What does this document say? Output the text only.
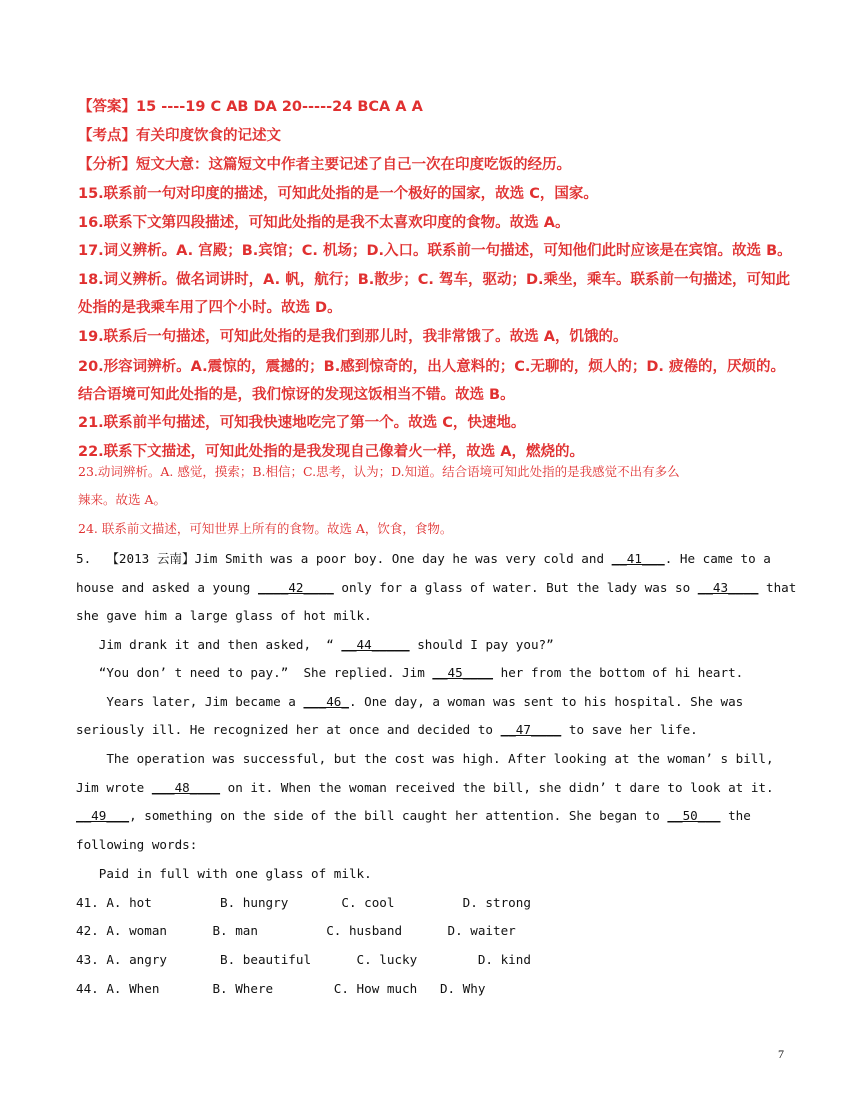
【答案】15 ----19 C AB DA 20-----24 BCA A A
【考点】有关印度饮食的记述文
【分析】短文大意：这篇短文中作者主要记述了自己一次在印度吃饭的经历。
15.联系前一句对印度的描述，可知此处指的是一个极好的国家，故选 C，国家。
16.联系下文第四段描述，可知此处指的是我不太喜欢印度的食物。故选 A。
17.词义辨析。A. 宫殿；B.宾馆；C. 机场；D.入口。联系前一句描述，可知他们此时应该是在宾馆。故选 B。
18.词义辨析。做名词讲时，A. 帆，航行；B.散步；C. 驾车，驱动；D.乘坐，乘车。联系前一句描述，可知此
处指的是我乘车用了四个小时。故选 D。
19.联系后一句描述，可知此处指的是我们到那儿时，我非常饿了。故选 A，饥饿的。
20.形容词辨析。A.震惊的，震撼的；B.感到惊奇的，出人意料的；C.无聊的，烦人的；D. 疲倦的，厌烦的。
结合语境可知此处指的是，我们惊讶的发现这饭相当不错。故选 B。
21.联系前半句描述，可知我快速地吃完了第一个。故选 C，快速地。
22.联系下文描述，可知此处指的是我发现自己像着火一样，故选 A，燃烧的。
23.动词辨析。A. 感觉，摸索；B.相信；C.思考，认为；D.知道。结合语境可知此处指的是我感觉不出有多么
辣来。故选 A。
24. 联系前文描述，可知世界上所有的食物。故选 A，饮食，食物。
5.  【2013 云南】Jim Smith was a poor boy. One day he was very cold and __41___. He came to a
house and asked a young ____42____ only for a glass of water. But the lady was so __43____ that
she gave him a large glass of hot milk.
Jim drank it and then asked,  “ __44_____ should I pay you?”
“You don’ t need to pay.”  She replied. Jim __45____ her from the bottom of hi heart.
Years later, Jim became a ___46_. One day, a woman was sent to his hospital. She was
seriously ill. He recognized her at once and decided to __47____ to save her life.
The operation was successful, but the cost was high. After looking at the woman’ s bill,
Jim wrote ___48____ on it. When the woman received the bill, she didn’ t dare to look at it.
__49___, something on the side of the bill caught her attention. She began to __50___ the
following words:
Paid in full with one glass of milk.
41. A. hot         B. hungry       C. cool         D. strong
42. A. woman      B. man         C. husband      D. waiter
43. A. angry       B. beautiful      C. lucky        D. kind
44. A. When       B. Where        C. How much   D. Why
7
